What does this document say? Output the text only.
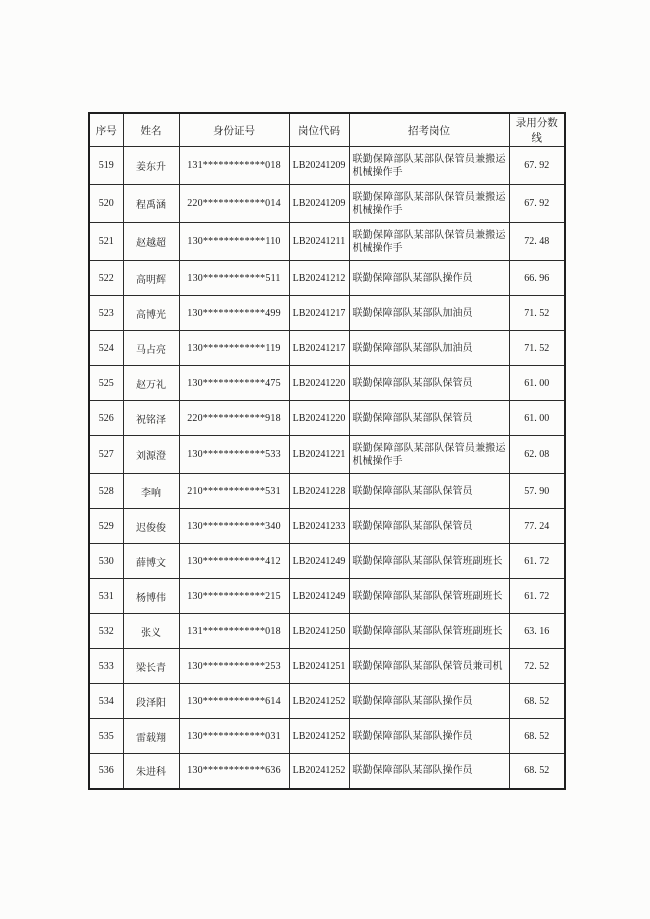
序号	姓名	身份证号	岗位代码	招考岗位	录用分数线
519	姜东升	131************018	LB20241209	联勤保障部队某部队保管员兼搬运机械操作手	67. 92
520	程禹涵	220************014	LB20241209	联勤保障部队某部队保管员兼搬运机械操作手	67. 92
521	赵越超	130************110	LB20241211	联勤保障部队某部队保管员兼搬运机械操作手	72. 48
522	高明辉	130************511	LB20241212	联勤保障部队某部队操作员	66. 96
523	高博光	130************499	LB20241217	联勤保障部队某部队加油员	71. 52
524	马占亮	130************119	LB20241217	联勤保障部队某部队加油员	71. 52
525	赵万礼	130************475	LB20241220	联勤保障部队某部队保管员	61. 00
526	祝铭泽	220************918	LB20241220	联勤保障部队某部队保管员	61. 00
527	刘源澄	130************533	LB20241221	联勤保障部队某部队保管员兼搬运机械操作手	62. 08
528	李响	210************531	LB20241228	联勤保障部队某部队保管员	57. 90
529	迟俊俊	130************340	LB20241233	联勤保障部队某部队保管员	77. 24
530	薛博文	130************412	LB20241249	联勤保障部队某部队保管班副班长	61. 72
531	杨博伟	130************215	LB20241249	联勤保障部队某部队保管班副班长	61. 72
532	张义	131************018	LB20241250	联勤保障部队某部队保管班副班长	63. 16
533	梁长青	130************253	LB20241251	联勤保障部队某部队保管员兼司机	72. 52
534	段泽阳	130************614	LB20241252	联勤保障部队某部队操作员	68. 52
535	雷载翔	130************031	LB20241252	联勤保障部队某部队操作员	68. 52
536	朱进科	130************636	LB20241252	联勤保障部队某部队操作员	68. 52
